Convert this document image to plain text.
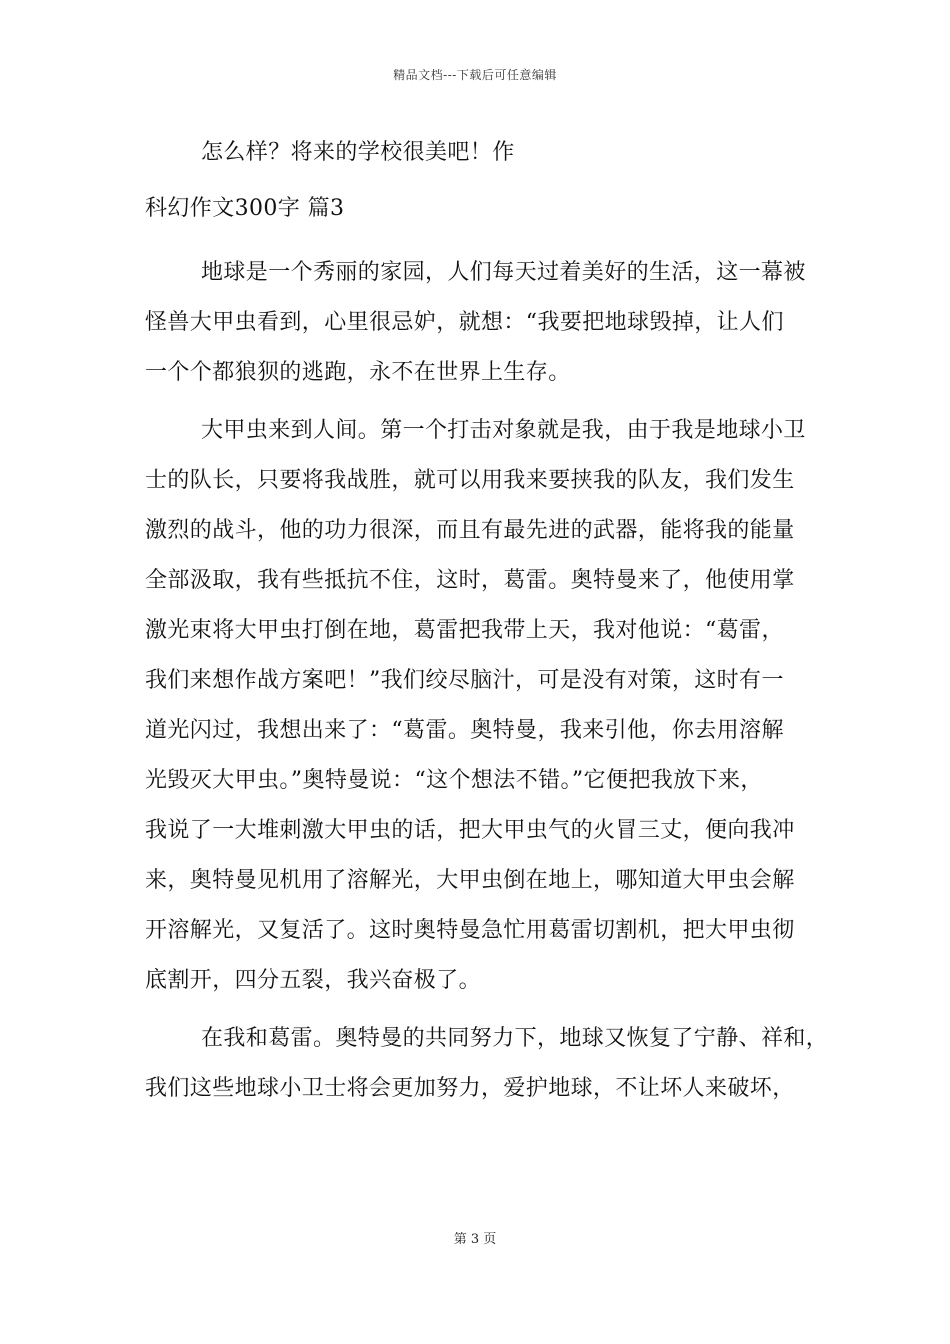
精品文档---下载后可任意编辑
怎么样？将来的学校很美吧！作
科幻作文300字 篇3
地球是一个秀丽的家园，人们每天过着美好的生活，这一幕被
怪兽大甲虫看到，心里很忌妒，就想：“我要把地球毁掉，让人们
一个个都狼狈的逃跑，永不在世界上生存。
大甲虫来到人间。第一个打击对象就是我，由于我是地球小卫
士的队长，只要将我战胜，就可以用我来要挟我的队友，我们发生
激烈的战斗，他的功力很深，而且有最先进的武器，能将我的能量
全部汲取，我有些抵抗不住，这时，葛雷。奥特曼来了，他使用掌
激光束将大甲虫打倒在地，葛雷把我带上天，我对他说：“葛雷，
我们来想作战方案吧！”我们绞尽脑汁，可是没有对策，这时有一
道光闪过，我想出来了：“葛雷。奥特曼，我来引他，你去用溶解
光毁灭大甲虫。”奥特曼说：“这个想法不错。”它便把我放下来，
我说了一大堆刺激大甲虫的话，把大甲虫气的火冒三丈，便向我冲
来，奥特曼见机用了溶解光，大甲虫倒在地上，哪知道大甲虫会解
开溶解光，又复活了。这时奥特曼急忙用葛雷切割机，把大甲虫彻
底割开，四分五裂，我兴奋极了。
在我和葛雷。奥特曼的共同努力下，地球又恢复了宁静、祥和，
我们这些地球小卫士将会更加努力，爱护地球，不让坏人来破坏，
第 3 页
